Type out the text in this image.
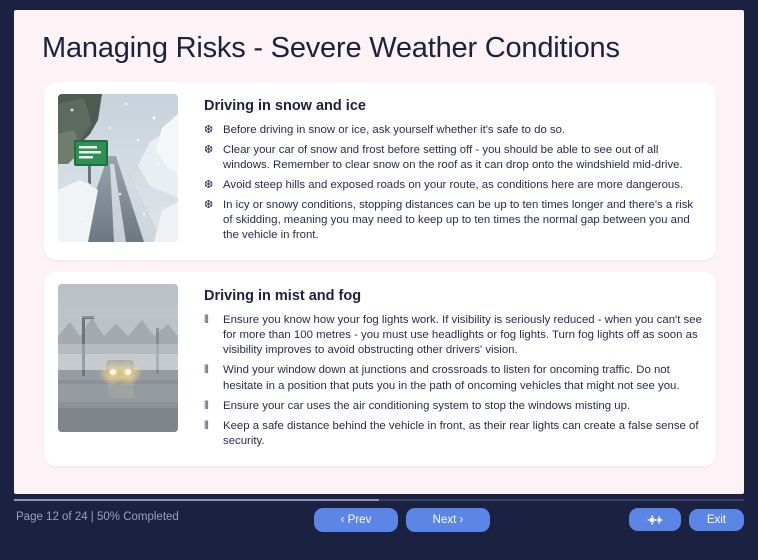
Managing Risks - Severe Weather Conditions
Driving in snow and ice
❆ Before driving in snow or ice, ask yourself whether it's safe to do so.
❆ Clear your car of snow and frost before setting off - you should be able to see out of all windows. Remember to clear snow on the roof as it can drop onto the windshield mid-drive.
❆ Avoid steep hills and exposed roads on your route, as conditions here are more dangerous.
❆ In icy or snowy conditions, stopping distances can be up to ten times longer and there's a risk of skidding, meaning you may need to keep up to ten times the normal gap between you and the vehicle in front.
Driving in mist and fog
⦀ Ensure you know how your fog lights work. If visibility is seriously reduced - when you can't see for more than 100 metres - you must use headlights or fog lights. Turn fog lights off as soon as visibility improves to avoid obstructing other drivers' vision.
⦀ Wind your window down at junctions and crossroads to listen for oncoming traffic. Do not hesitate in a position that puts you in the path of oncoming vehicles that might not see you.
⦀ Ensure your car uses the air conditioning system to stop the windows misting up.
⦀ Keep a safe distance behind the vehicle in front, as their rear lights can create a false sense of security.
Page 12 of 24 | 50% Completed	‹ Prev	Next ›	Exit
